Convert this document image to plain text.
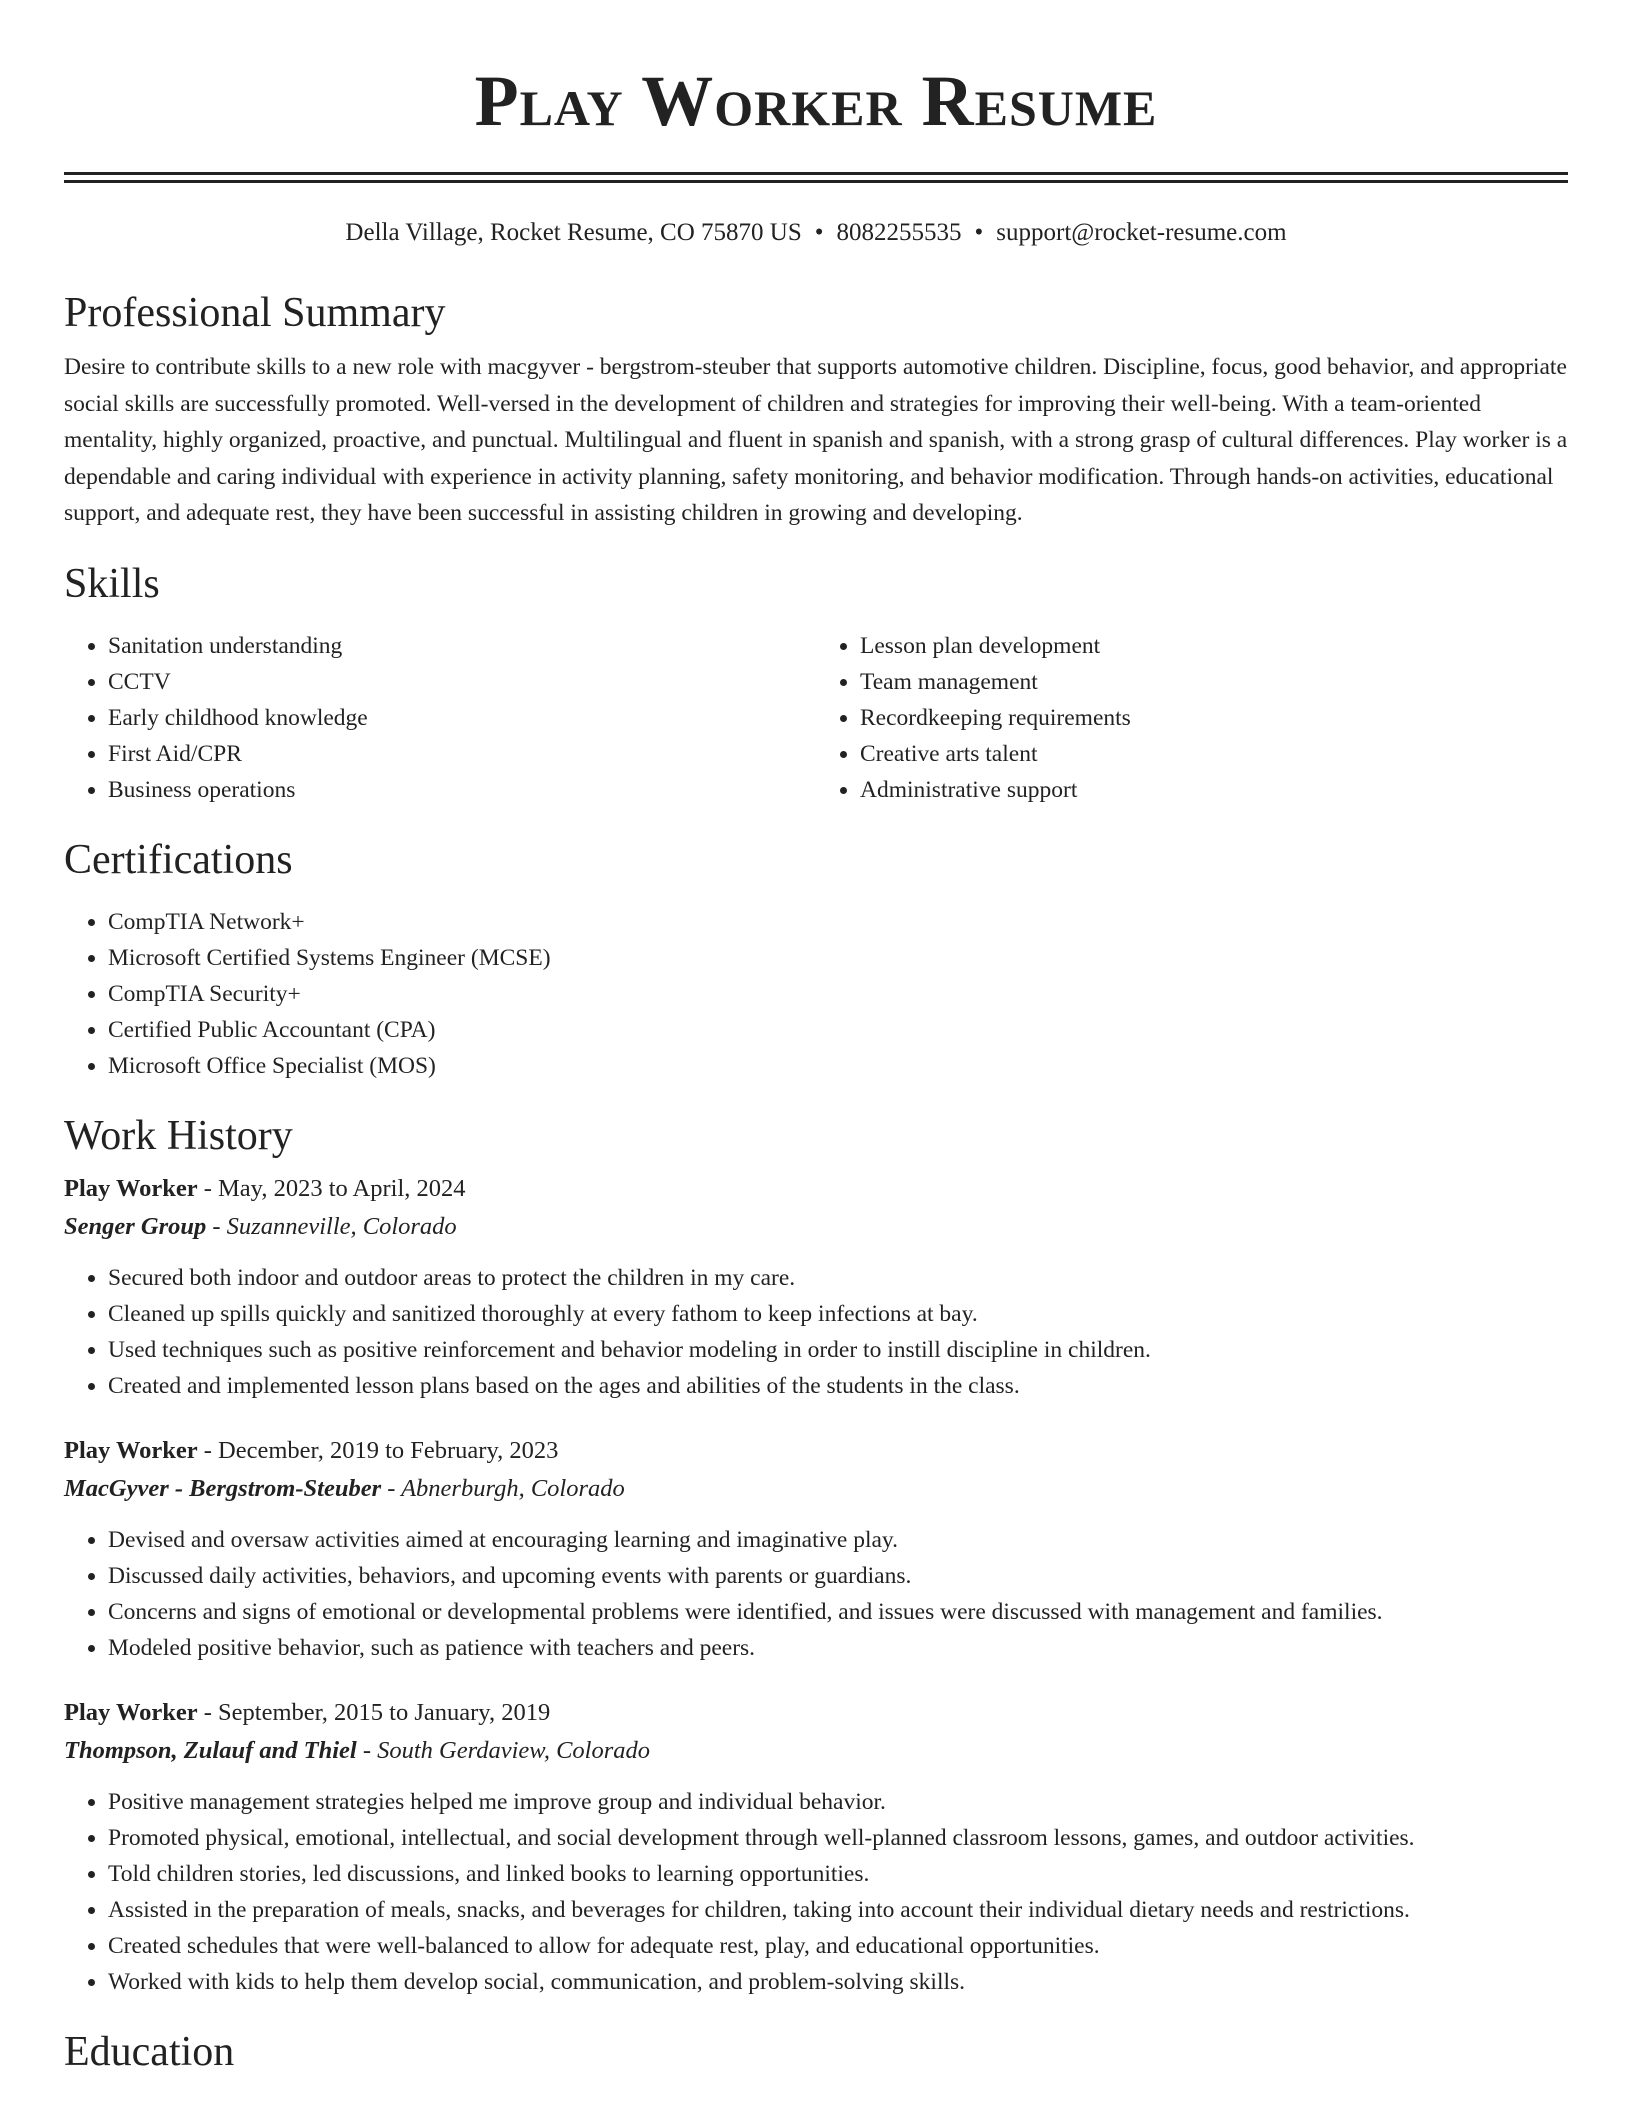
Play Worker Resume
Della Village, Rocket Resume, CO 75870 US • 8082255535 • support@rocket-resume.com
Professional Summary

Desire to contribute skills to a new role with macgyver - bergstrom-steuber that supports automotive children. Discipline, focus, good behavior, and appropriate social skills are successfully promoted. Well-versed in the development of children and strategies for improving their well-being. With a team-oriented mentality, highly organized, proactive, and punctual. Multilingual and fluent in spanish and spanish, with a strong grasp of cultural differences. Play worker is a dependable and caring individual with experience in activity planning, safety monitoring, and behavior modification. Through hands-on activities, educational support, and adequate rest, they have been successful in assisting children in growing and developing.

Skills
• Sanitation understanding
• CCTV
• Early childhood knowledge
• First Aid/CPR
• Business operations
• Lesson plan development
• Team management
• Recordkeeping requirements
• Creative arts talent
• Administrative support
Certifications
• CompTIA Network+
• Microsoft Certified Systems Engineer (MCSE)
• CompTIA Security+
• Certified Public Accountant (CPA)
• Microsoft Office Specialist (MOS)
Work History
Play Worker - May, 2023 to April, 2024
Senger Group - Suzanneville, Colorado
• Secured both indoor and outdoor areas to protect the children in my care.
• Cleaned up spills quickly and sanitized thoroughly at every fathom to keep infections at bay.
• Used techniques such as positive reinforcement and behavior modeling in order to instill discipline in children.
• Created and implemented lesson plans based on the ages and abilities of the students in the class.
Play Worker - December, 2019 to February, 2023
MacGyver - Bergstrom-Steuber - Abnerburgh, Colorado
• Devised and oversaw activities aimed at encouraging learning and imaginative play.
• Discussed daily activities, behaviors, and upcoming events with parents or guardians.
• Concerns and signs of emotional or developmental problems were identified, and issues were discussed with management and families.
• Modeled positive behavior, such as patience with teachers and peers.
Play Worker - September, 2015 to January, 2019
Thompson, Zulauf and Thiel - South Gerdaview, Colorado
• Positive management strategies helped me improve group and individual behavior.
• Promoted physical, emotional, intellectual, and social development through well-planned classroom lessons, games, and outdoor activities.
• Told children stories, led discussions, and linked books to learning opportunities.
• Assisted in the preparation of meals, snacks, and beverages for children, taking into account their individual dietary needs and restrictions.
• Created schedules that were well-balanced to allow for adequate rest, play, and educational opportunities.
• Worked with kids to help them develop social, communication, and problem-solving skills.
Education
